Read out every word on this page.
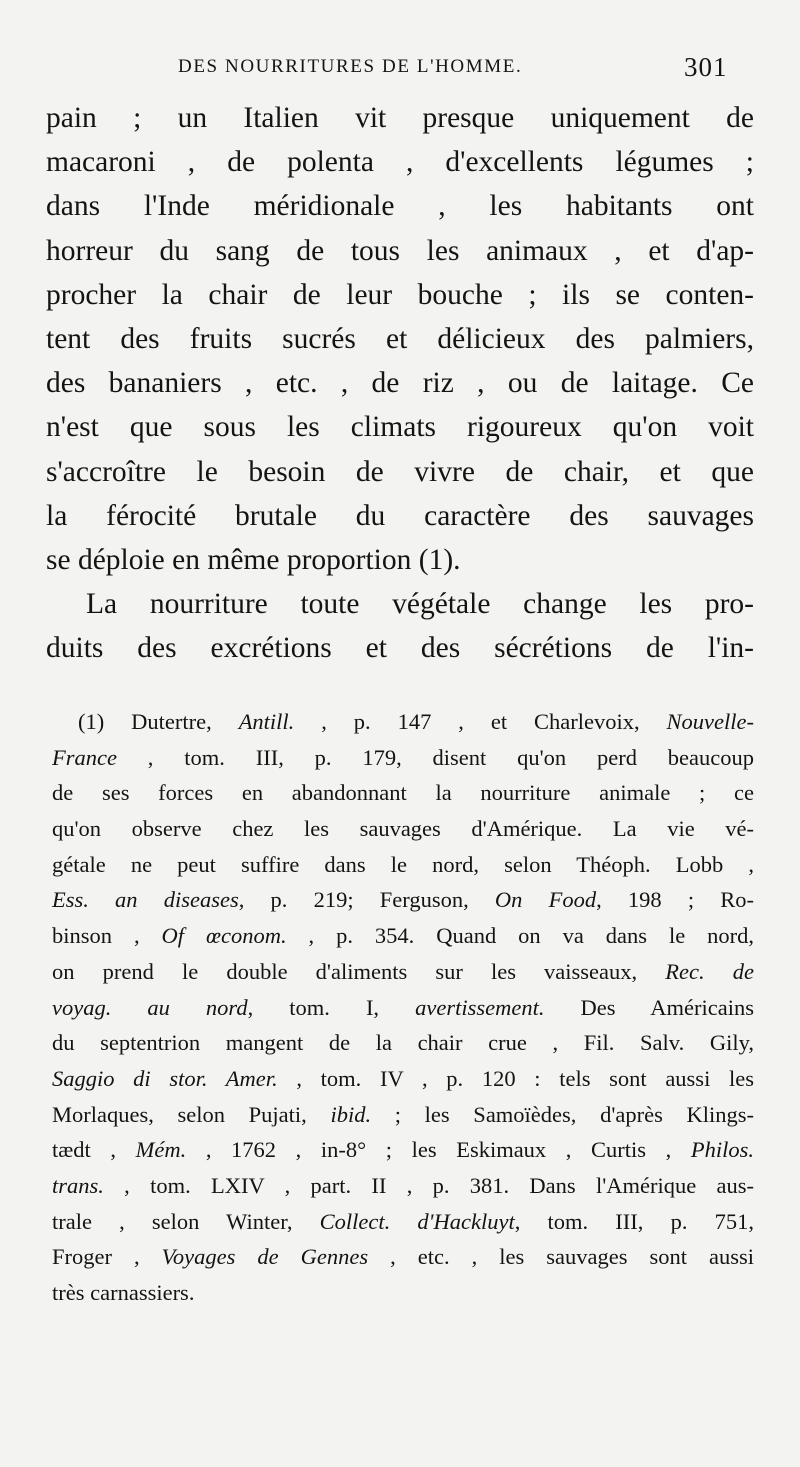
DES NOURRITURES DE L'HOMME.	301
pain ; un Italien vit presque uniquement de
macaroni , de polenta , d'excellents légumes ;
dans l'Inde méridionale , les habitants ont
horreur du sang de tous les animaux , et d'ap-
procher la chair de leur bouche ; ils se conten-
tent des fruits sucrés et délicieux des palmiers,
des bananiers , etc. , de riz , ou de laitage. Ce
n'est que sous les climats rigoureux qu'on voit
s'accroître le besoin de vivre de chair, et que
la férocité brutale du caractère des sauvages
se déploie en même proportion (1).
La nourriture toute végétale change les pro-
duits des excrétions et des sécrétions de l'in-
(1) Dutertre, Antill. , p. 147 , et Charlevoix, Nouvelle-
France , tom. III, p. 179, disent qu'on perd beaucoup
de ses forces en abandonnant la nourriture animale ; ce
qu'on observe chez les sauvages d'Amérique. La vie vé-
gétale ne peut suffire dans le nord, selon Théoph. Lobb ,
Ess. an diseases, p. 219; Ferguson, On Food, 198 ; Ro-
binson , Of œconom. , p. 354. Quand on va dans le nord,
on prend le double d'aliments sur les vaisseaux, Rec. de
voyag. au nord, tom. I, avertissement. Des Américains
du septentrion mangent de la chair crue , Fil. Salv. Gily,
Saggio di stor. Amer. , tom. IV , p. 120 : tels sont aussi les
Morlaques, selon Pujati, ibid. ; les Samoïèdes, d'après Klings-
tædt , Mém. , 1762 , in-8° ; les Eskimaux , Curtis , Philos.
trans. , tom. LXIV , part. II , p. 381. Dans l'Amérique aus-
trale , selon Winter, Collect. d'Hackluyt, tom. III, p. 751,
Froger , Voyages de Gennes , etc. , les sauvages sont aussi
très carnassiers.
